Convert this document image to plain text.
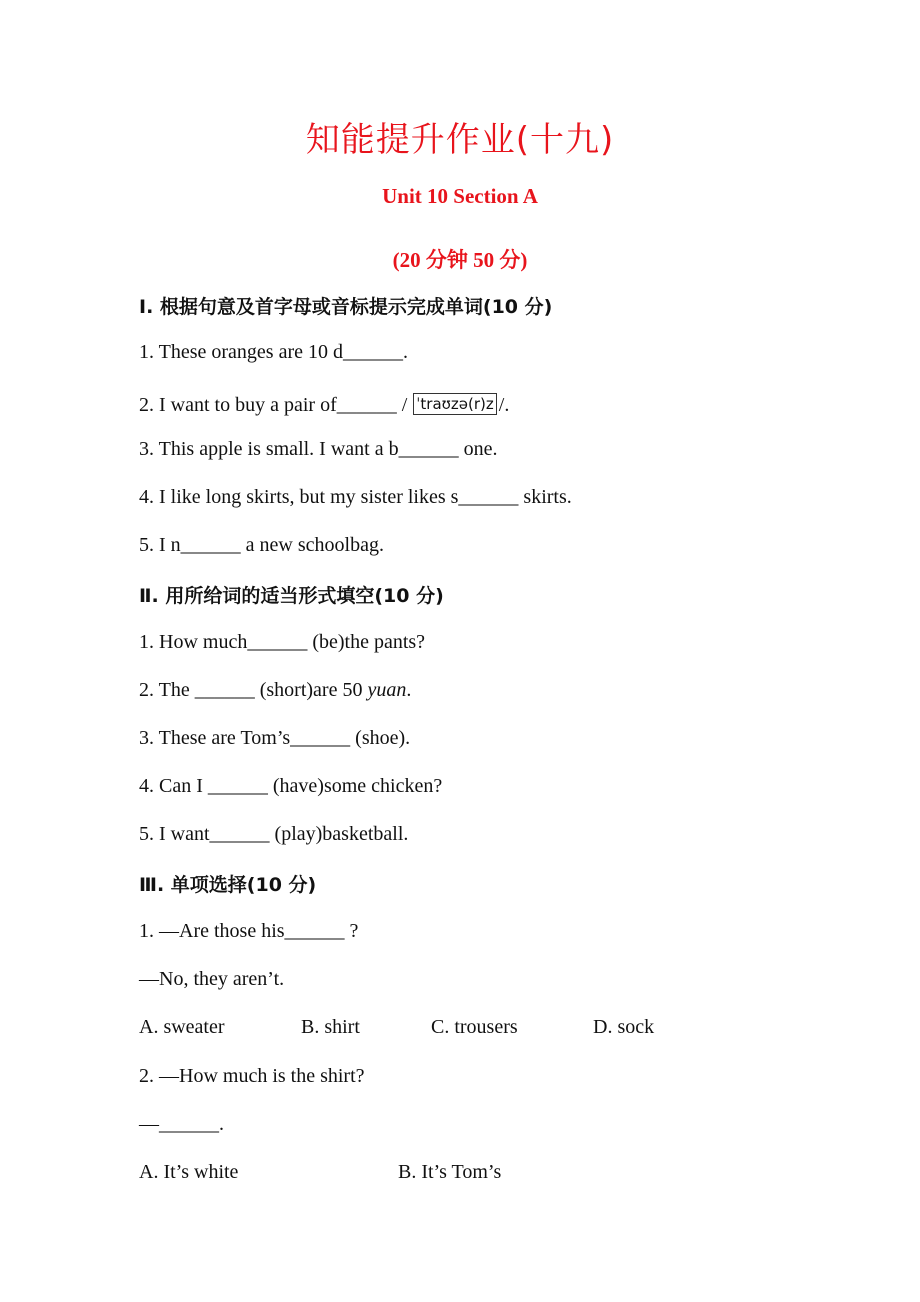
知能提升作业(十九)
Unit 10 Section A
(20 分钟 50 分)
Ⅰ. 根据句意及首字母或音标提示完成单词(10 分)
1. These oranges are 10 d______.
2. I want to buy a pair of______ / ˈtraʊzə(r)z /.
3. This apple is small. I want a b______ one.
4. I like long skirts, but my sister likes s______ skirts.
5. I n______ a new schoolbag.
Ⅱ. 用所给词的适当形式填空(10 分)
1. How much______ (be)the pants?
2. The ______ (short)are 50 yuan.
3. These are Tom’s______ (shoe).
4. Can I ______ (have)some chicken?
5. I want______ (play)basketball.
Ⅲ. 单项选择(10 分)
1. —Are those his______ ?
—No, they aren’t.
A. sweater	B. shirt	C. trousers	D. sock
2. —How much is the shirt?
—______.
A. It’s white	B. It’s Tom’s
